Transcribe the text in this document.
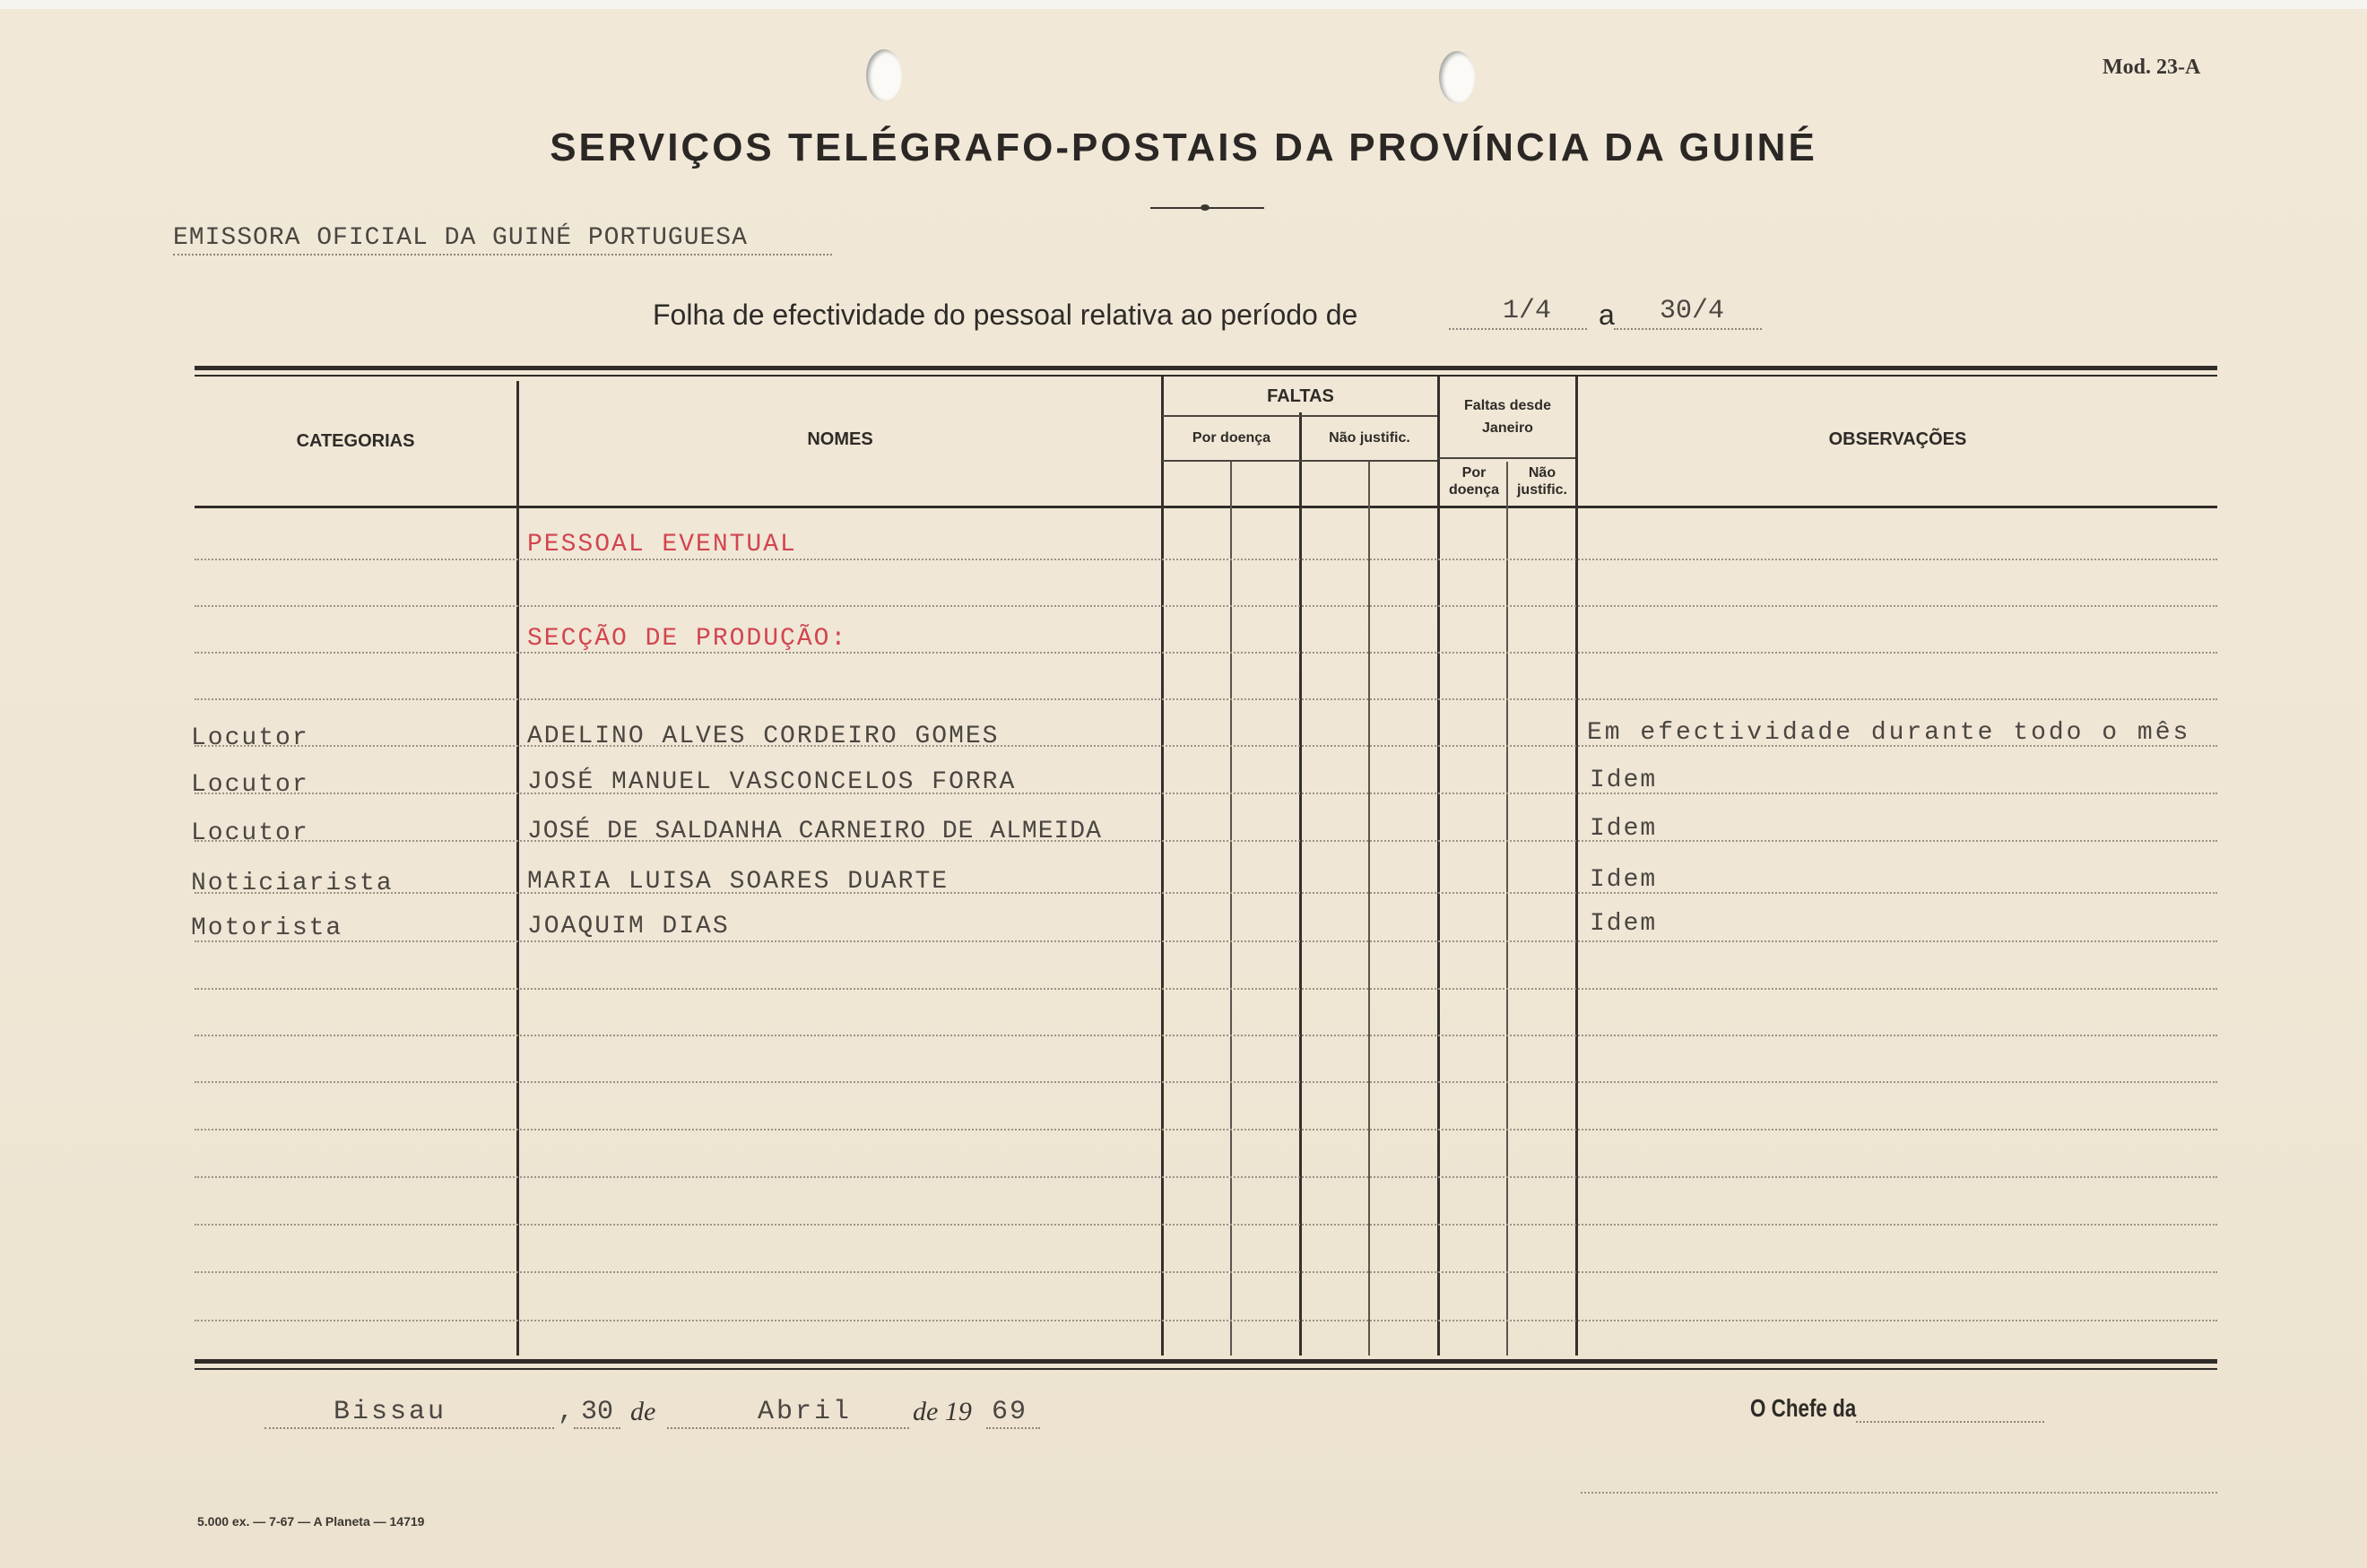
Mod. 23-A
SERVIÇOS TELÉGRAFO-POSTAIS DA PROVÍNCIA DA GUINÉ
EMISSORA OFICIAL DA GUINÉ PORTUGUESA
Folha de efectividade do pessoal relativa ao período de	1/4 a 30/4
CATEGORIAS	NOMES
FALTAS
Por doença	Não justific.
Faltas desde Janeiro
Por
doença
Não
justific.
OBSERVAÇÕES
PESSOAL EVENTUAL
SECÇÃO DE PRODUÇÃO:
Locutor	ADELINO ALVES CORDEIRO GOMES	Em efectividade durante todo o mês
Locutor	JOSÉ MANUEL VASCONCELOS FORRA	Idem
Locutor	JOSÉ DE SALDANHA CARNEIRO DE ALMEIDA	Idem
Noticiarista	MARIA LUISA SOARES DUARTE	Idem
Motorista	JOAQUIM DIAS	Idem
Bissau	, 30 de	Abril de 19 69	O Chefe da
5.000 ex. — 7-67 — A Planeta — 14719
